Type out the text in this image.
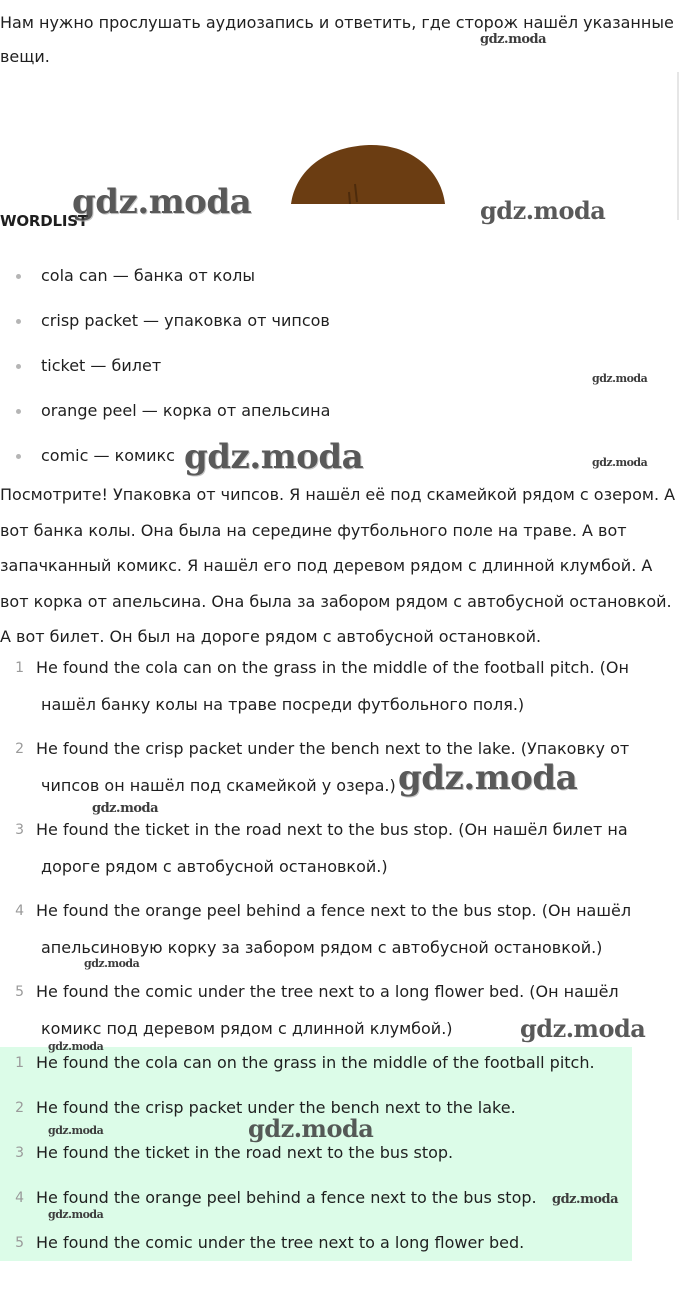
Нам нужно прослушать аудиозапись и ответить, где сторож нашёл указанные вещи.

WORDLIST
cola can — банка от колы
crisp packet — упаковка от чипсов
ticket — билет
orange peel — корка от апельсина
comic — комикс

Посмотрите! Упаковка от чипсов. Я нашёл её под скамейкой рядом с озером. А вот банка колы. Она была на середине футбольного поле на траве. А вот запачканный комикс. Я нашёл его под деревом рядом с длинной клумбой. А вот корка от апельсина. Она была за забором рядом с автобусной остановкой. А вот билет. Он был на дороге рядом с автобусной остановкой.

1 He found the cola can on the grass in the middle of the football pitch. (Он
нашёл банку колы на траве посреди футбольного поля.)
2 He found the crisp packet under the bench next to the lake. (Упаковку от
чипсов он нашёл под скамейкой у озера.)
3 He found the ticket in the road next to the bus stop. (Он нашёл билет на
дороге рядом с автобусной остановкой.)
4 He found the orange peel behind a fence next to the bus stop. (Он нашёл
апельсиновую корку за забором рядом с автобусной остановкой.)
5 He found the comic under the tree next to a long flower bed. (Он нашёл
комикс под деревом рядом с длинной клумбой.)
1 He found the cola can on the grass in the middle of the football pitch.
2 He found the crisp packet under the bench next to the lake.
3 He found the ticket in the road next to the bus stop.
4 He found the orange peel behind a fence next to the bus stop.
5 He found the comic under the tree next to a long flower bed.
gdz.moda
gdz.moda	gdz.moda
gdz.moda
gdz.moda	gdz.moda
gdz.moda
gdz.moda
gdz.moda
gdz.moda
gdz.moda
gdz.moda	gdz.moda
gdz.moda
gdz.moda
